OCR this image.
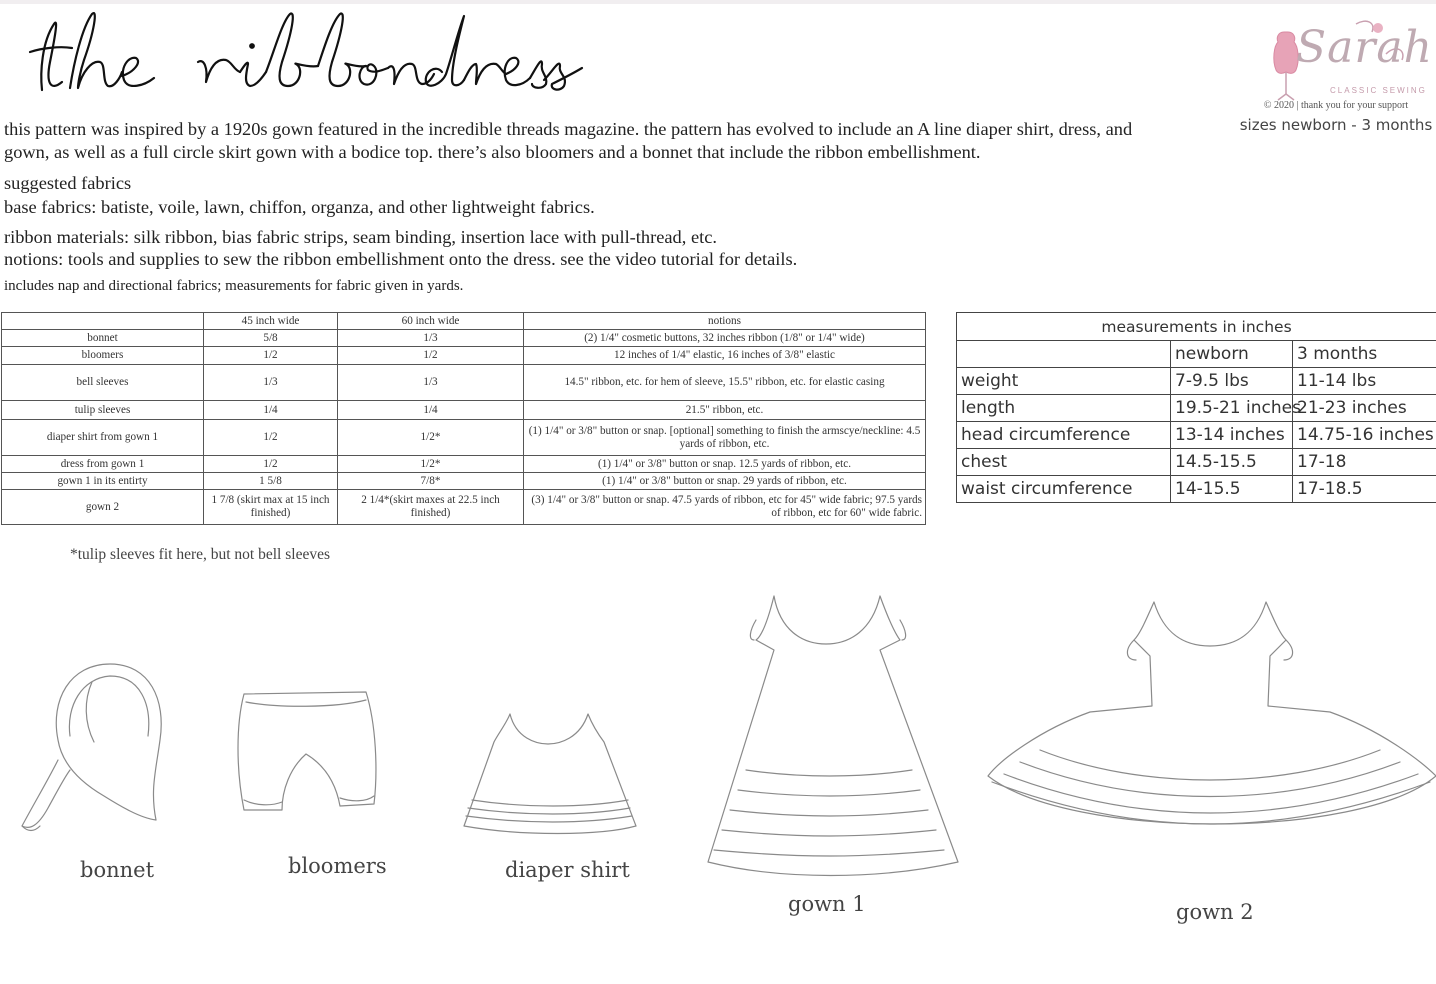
Sarah
CLASSIC SEWING
© 2020 | thank you for your support
sizes newborn - 3 months
this pattern was inspired by a 1920s gown featured in the incredible threads magazine. the pattern has evolved to include an A line diaper shirt, dress, and gown, as well as a full circle skirt gown with a bodice top. there’s also bloomers and a bonnet that include the ribbon embellishment.
suggested fabrics
base fabrics: batiste, voile, lawn, chiffon, organza, and other lightweight fabrics.
ribbon materials: silk ribbon, bias fabric strips, seam binding, insertion lace with pull-thread, etc.
notions: tools and supplies to sew the ribbon embellishment onto the dress. see the video tutorial for details.
includes nap and directional fabrics; measurements for fabric given in yards.
	45 inch wide	60 inch wide	notions
bonnet	5/8	1/3	(2) 1/4" cosmetic buttons, 32 inches ribbon (1/8" or 1/4" wide)
bloomers	1/2	1/2	12 inches of 1/4" elastic, 16 inches of 3/8" elastic
bell sleeves	1/3	1/3	14.5" ribbon, etc. for hem of sleeve, 15.5" ribbon, etc. for elastic casing
tulip sleeves	1/4	1/4	21.5" ribbon, etc.
diaper shirt from gown 1	1/2	1/2*	(1) 1/4" or 3/8" button or snap. [optional] something to finish the armscye/neckline: 4.5 yards of ribbon, etc.
dress from gown 1	1/2	1/2*	(1) 1/4" or 3/8" button or snap. 12.5 yards of ribbon, etc.
gown 1 in its entirty	1 5/8	7/8*	(1) 1/4" or 3/8" button or snap. 29 yards of ribbon, etc.
gown 2	1 7/8 (skirt max at 15 inch finished)	2 1/4*(skirt maxes at 22.5 inch finished)	(3) 1/4" or 3/8" button or snap. 47.5 yards of ribbon, etc for 45" wide fabric; 97.5 yards of ribbon, etc for 60" wide fabric.
measurements in inches		
	newborn	3 months
weight	7-9.5 lbs	11-14 lbs
length	19.5-21 inches	21-23 inches
head circumference	13-14 inches	14.75-16 inches
chest	14.5-15.5	17-18
waist circumference	14-15.5	17-18.5
*tulip sleeves fit here, but not bell sleeves
bonnet	bloomers	diaper shirt
gown 1	gown 2
